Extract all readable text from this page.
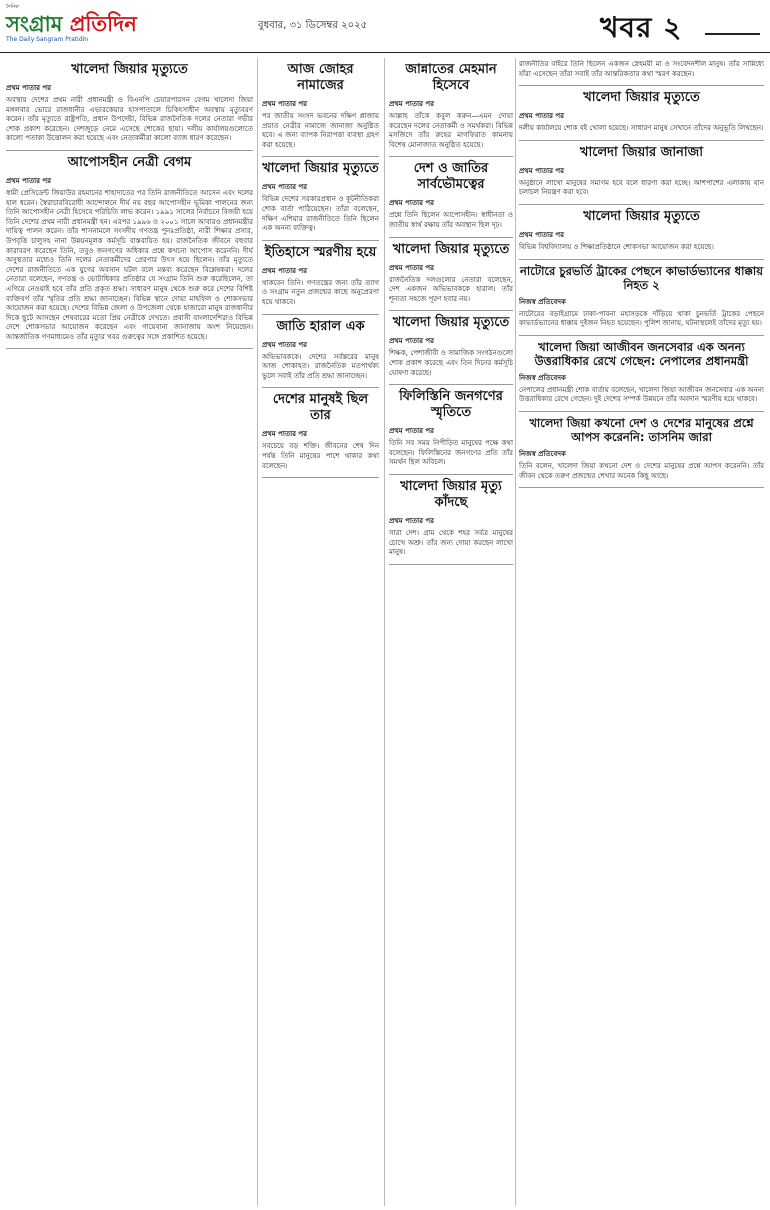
দৈনিক
সংগ্রাম প্রতিদিন
The Daily Sangram Pratidin
বুধবার, ৩১ ডিসেম্বর ২০২৫	খবর ২
খালেদা জিয়ার মৃত্যুতে
প্রথম পাতার পর
অবস্থায় দেশের প্রথম নারী প্রধানমন্ত্রী ও বিএনপি চেয়ারপারসন বেগম খালেদা জিয়া মঙ্গলবার ভোরে রাজধানীর এভারকেয়ার হাসপাতালে চিকিৎসাধীন অবস্থায় মৃত্যুবরণ করেন। তাঁর মৃত্যুতে রাষ্ট্রপতি, প্রধান উপদেষ্টা, বিভিন্ন রাজনৈতিক দলের নেতারা গভীর শোক প্রকাশ করেছেন। দেশজুড়ে নেমে এসেছে শোকের ছায়া। দলীয় কার্যালয়গুলোতে কালো পতাকা উত্তোলন করা হয়েছে এবং নেতাকর্মীরা কালো ব্যাজ ধারণ করেছেন।
আপোসহীন নেত্রী বেগম
প্রথম পাতার পর
স্বামী প্রেসিডেন্ট জিয়াউর রহমানের শাহাদাতের পর তিনি রাজনীতিতে আসেন এবং দলের হাল ধরেন। স্বৈরাচারবিরোধী আন্দোলনে দীর্ঘ নয় বছর আপোসহীন ভূমিকা পালনের জন্য তিনি আপোসহীন নেত্রী হিসেবে পরিচিতি লাভ করেন। ১৯৯১ সালের নির্বাচনে বিজয়ী হয়ে তিনি দেশের প্রথম নারী প্রধানমন্ত্রী হন। এরপর ১৯৯৬ ও ২০০১ সালে আবারও প্রধানমন্ত্রীর দায়িত্ব পালন করেন। তাঁর শাসনামলে সংসদীয় গণতন্ত্র পুনঃপ্রতিষ্ঠা, নারী শিক্ষার প্রসার, উপবৃত্তি চালুসহ নানা উন্নয়নমূলক কর্মসূচি বাস্তবায়িত হয়। রাজনৈতিক জীবনে বহুবার কারাবরণ করেছেন তিনি, তবুও জনগণের অধিকার প্রশ্নে কখনো আপোস করেননি। দীর্ঘ অসুস্থতার মধ্যেও তিনি দলের নেতাকর্মীদের প্রেরণার উৎস হয়ে ছিলেন। তাঁর মৃত্যুতে দেশের রাজনীতিতে এক যুগের অবসান ঘটল বলে মন্তব্য করেছেন বিশ্লেষকরা। দলের নেতারা বলেছেন, গণতন্ত্র ও ভোটাধিকার প্রতিষ্ঠার যে সংগ্রাম তিনি শুরু করেছিলেন, তা এগিয়ে নেওয়াই হবে তাঁর প্রতি প্রকৃত শ্রদ্ধা। সাধারণ মানুষ থেকে শুরু করে দেশের বিশিষ্ট ব্যক্তিবর্গ তাঁর স্মৃতির প্রতি শ্রদ্ধা জানাচ্ছেন। বিভিন্ন স্থানে দোয়া মাহফিল ও শোকসভার আয়োজন করা হয়েছে। দেশের বিভিন্ন জেলা ও উপজেলা থেকে হাজারো মানুষ রাজধানীর দিকে ছুটে আসছেন শেষবারের মতো প্রিয় নেত্রীকে দেখতে। প্রবাসী বাংলাদেশিরাও বিভিন্ন দেশে শোকসভার আয়োজন করেছেন এবং গায়েবানা জানাজায় অংশ নিয়েছেন। আন্তর্জাতিক গণমাধ্যমেও তাঁর মৃত্যুর খবর গুরুত্বের সঙ্গে প্রকাশিত হয়েছে।
আজ জোহর নামাজের
প্রথম পাতার পর
পর জাতীয় সংসদ ভবনের দক্ষিণ প্লাজায় প্রয়াত নেত্রীর নামাজে জানাজা অনুষ্ঠিত হবে। এ জন্য ব্যাপক নিরাপত্তা ব্যবস্থা গ্রহণ করা হয়েছে।
খালেদা জিয়ার মৃত্যুতে
প্রথম পাতার পর
বিভিন্ন দেশের সরকারপ্রধান ও কূটনীতিকরা শোক বার্তা পাঠিয়েছেন। তাঁরা বলেছেন, দক্ষিণ এশিয়ার রাজনীতিতে তিনি ছিলেন এক অনন্য ব্যক্তিত্ব।
ইতিহাসে স্মরণীয় হয়ে
প্রথম পাতার পর
থাকবেন তিনি। গণতন্ত্রের জন্য তাঁর ত্যাগ ও সংগ্রাম নতুন প্রজন্মের কাছে অনুপ্রেরণা হয়ে থাকবে।
জাতি হারাল এক
প্রথম পাতার পর
অভিভাবককে। দেশের সর্বস্তরের মানুষ আজ শোকাহত। রাজনৈতিক মতপার্থক্য ভুলে সবাই তাঁর প্রতি শ্রদ্ধা জানাচ্ছেন।
দেশের মানুষই ছিল তার
প্রথম পাতার পর
সবচেয়ে বড় শক্তি। জীবনের শেষ দিন পর্যন্ত তিনি মানুষের পাশে থাকার কথা বলেছেন।
জান্নাতের মেহমান হিসেবে
প্রথম পাতার পর
আল্লাহ তাঁকে কবুল করুন—এমন দোয়া করেছেন দলের নেতাকর্মী ও সমর্থকরা। বিভিন্ন মসজিদে তাঁর রুহের মাগফিরাত কামনায় বিশেষ মোনাজাত অনুষ্ঠিত হয়েছে।
দেশ ও জাতির সার্বভৌমত্বের
প্রথম পাতার পর
প্রশ্নে তিনি ছিলেন আপোসহীন। স্বাধীনতা ও জাতীয় স্বার্থ রক্ষায় তাঁর অবস্থান ছিল দৃঢ়।
খালেদা জিয়ার মৃত্যুতে
প্রথম পাতার পর
রাজনৈতিক দলগুলোর নেতারা বলেছেন, দেশ একজন অভিভাবককে হারাল। তাঁর শূন্যতা সহজে পূরণ হবার নয়।
খালেদা জিয়ার মৃত্যুতে
প্রথম পাতার পর
শিক্ষক, পেশাজীবী ও সামাজিক সংগঠনগুলো শোক প্রকাশ করেছে এবং তিন দিনের কর্মসূচি ঘোষণা করেছে।
ফিলিস্তিনি জনগণের স্মৃতিতে
প্রথম পাতার পর
তিনি সব সময় নিপীড়িত মানুষের পক্ষে কথা বলেছেন। ফিলিস্তিনের জনগণের প্রতি তাঁর সমর্থন ছিল অবিচল।
খালেদা জিয়ার মৃত্যু কাঁদছে
প্রথম পাতার পর
সারা দেশ। গ্রাম থেকে শহর সর্বত্র মানুষের চোখে অশ্রু। তাঁর জন্য দোয়া করছেন লাখো মানুষ।
রাজনীতির বাইরে তিনি ছিলেন একজন স্নেহময়ী মা ও সংবেদনশীল মানুষ। তাঁর সান্নিধ্যে যাঁরা এসেছেন তাঁরা সবাই তাঁর আন্তরিকতার কথা স্মরণ করছেন।
খালেদা জিয়ার মৃত্যুতে
প্রথম পাতার পর
দলীয় কার্যালয়ে শোক বই খোলা হয়েছে। সাধারণ মানুষ সেখানে তাঁদের অনুভূতি লিখছেন।
খালেদা জিয়ার জানাজা
প্রথম পাতার পর
অনুষ্ঠানে লাখো মানুষের সমাগম হবে বলে ধারণা করা হচ্ছে। আশপাশের এলাকায় যান চলাচল নিয়ন্ত্রণ করা হবে।
খালেদা জিয়ার মৃত্যুতে
প্রথম পাতার পর
বিভিন্ন বিশ্ববিদ্যালয় ও শিক্ষাপ্রতিষ্ঠানে শোকসভা আয়োজন করা হয়েছে।
নাটোরে চুরভর্তি ট্রাকের পেছনে কাভার্ডভ্যানের ধাক্কায় নিহত ২
নিজস্ব প্রতিবেদক
নাটোরের বড়াইগ্রামে ঢাকা-পাবনা মহাসড়কে দাঁড়িয়ে থাকা চুনভর্তি ট্রাকের পেছনে কাভার্ডভ্যানের ধাক্কায় দুইজন নিহত হয়েছেন। পুলিশ জানায়, ঘটনাস্থলেই তাঁদের মৃত্যু হয়।
খালেদা জিয়া আজীবন জনসেবার এক অনন্য উত্তরাধিকার রেখে গেছেন: নেপালের প্রধানমন্ত্রী
নিজস্ব প্রতিবেদক
নেপালের প্রধানমন্ত্রী শোক বার্তায় বলেছেন, খালেদা জিয়া আজীবন জনসেবার এক অনন্য উত্তরাধিকার রেখে গেছেন। দুই দেশের সম্পর্ক উন্নয়নে তাঁর অবদান স্মরণীয় হয়ে থাকবে।
খালেদা জিয়া কখনো দেশ ও দেশের মানুষের প্রশ্নে আপস করেননি: তাসনিম জারা
নিজস্ব প্রতিবেদক
তিনি বলেন, খালেদা জিয়া কখনো দেশ ও দেশের মানুষের প্রশ্নে আপস করেননি। তাঁর জীবন থেকে তরুণ প্রজন্মের শেখার অনেক কিছু আছে।
